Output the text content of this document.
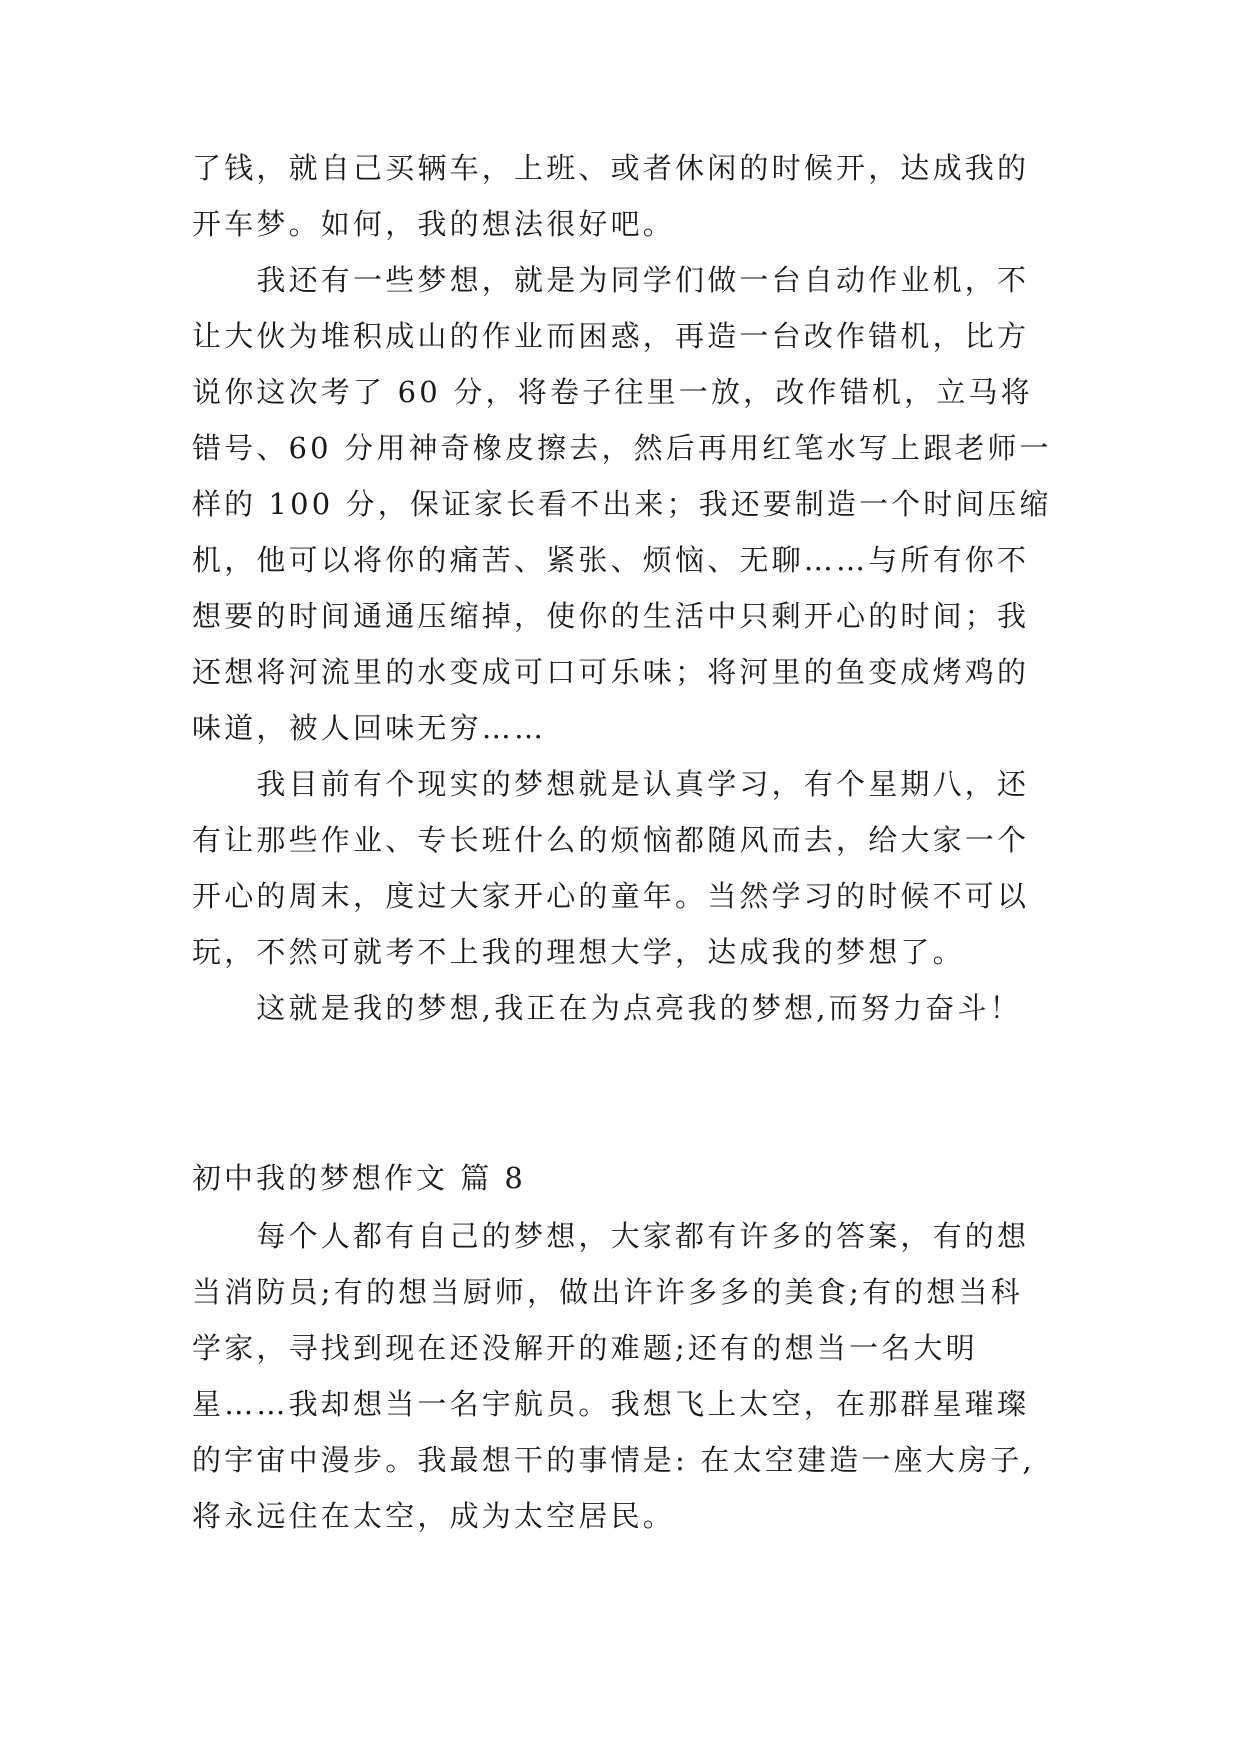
了钱，就自己买辆车，上班、或者休闲的时候开，达成我的
开车梦。如何，我的想法很好吧。
　　我还有一些梦想，就是为同学们做一台自动作业机，不
让大伙为堆积成山的作业而困惑，再造一台改作错机，比方
说你这次考了 60 分，将卷子往里一放，改作错机，立马将
错号、60 分用神奇橡皮擦去，然后再用红笔水写上跟老师一
样的 100 分，保证家长看不出来；我还要制造一个时间压缩
机，他可以将你的痛苦、紧张、烦恼、无聊……与所有你不
想要的时间通通压缩掉，使你的生活中只剩开心的时间；我
还想将河流里的水变成可口可乐味；将河里的鱼变成烤鸡的
味道，被人回味无穷……
　　我目前有个现实的梦想就是认真学习，有个星期八，还
有让那些作业、专长班什么的烦恼都随风而去，给大家一个
开心的周末，度过大家开心的童年。当然学习的时候不可以
玩，不然可就考不上我的理想大学，达成我的梦想了。
　　这就是我的梦想,我正在为点亮我的梦想,而努力奋斗！
初中我的梦想作文 篇 8
　　每个人都有自己的梦想，大家都有许多的答案，有的想
当消防员;有的想当厨师，做出许许多多的美食;有的想当科
学家，寻找到现在还没解开的难题;还有的想当一名大明
星……我却想当一名宇航员。我想飞上太空，在那群星璀璨
的宇宙中漫步。我最想干的事情是: 在太空建造一座大房子,
将永远住在太空，成为太空居民。
